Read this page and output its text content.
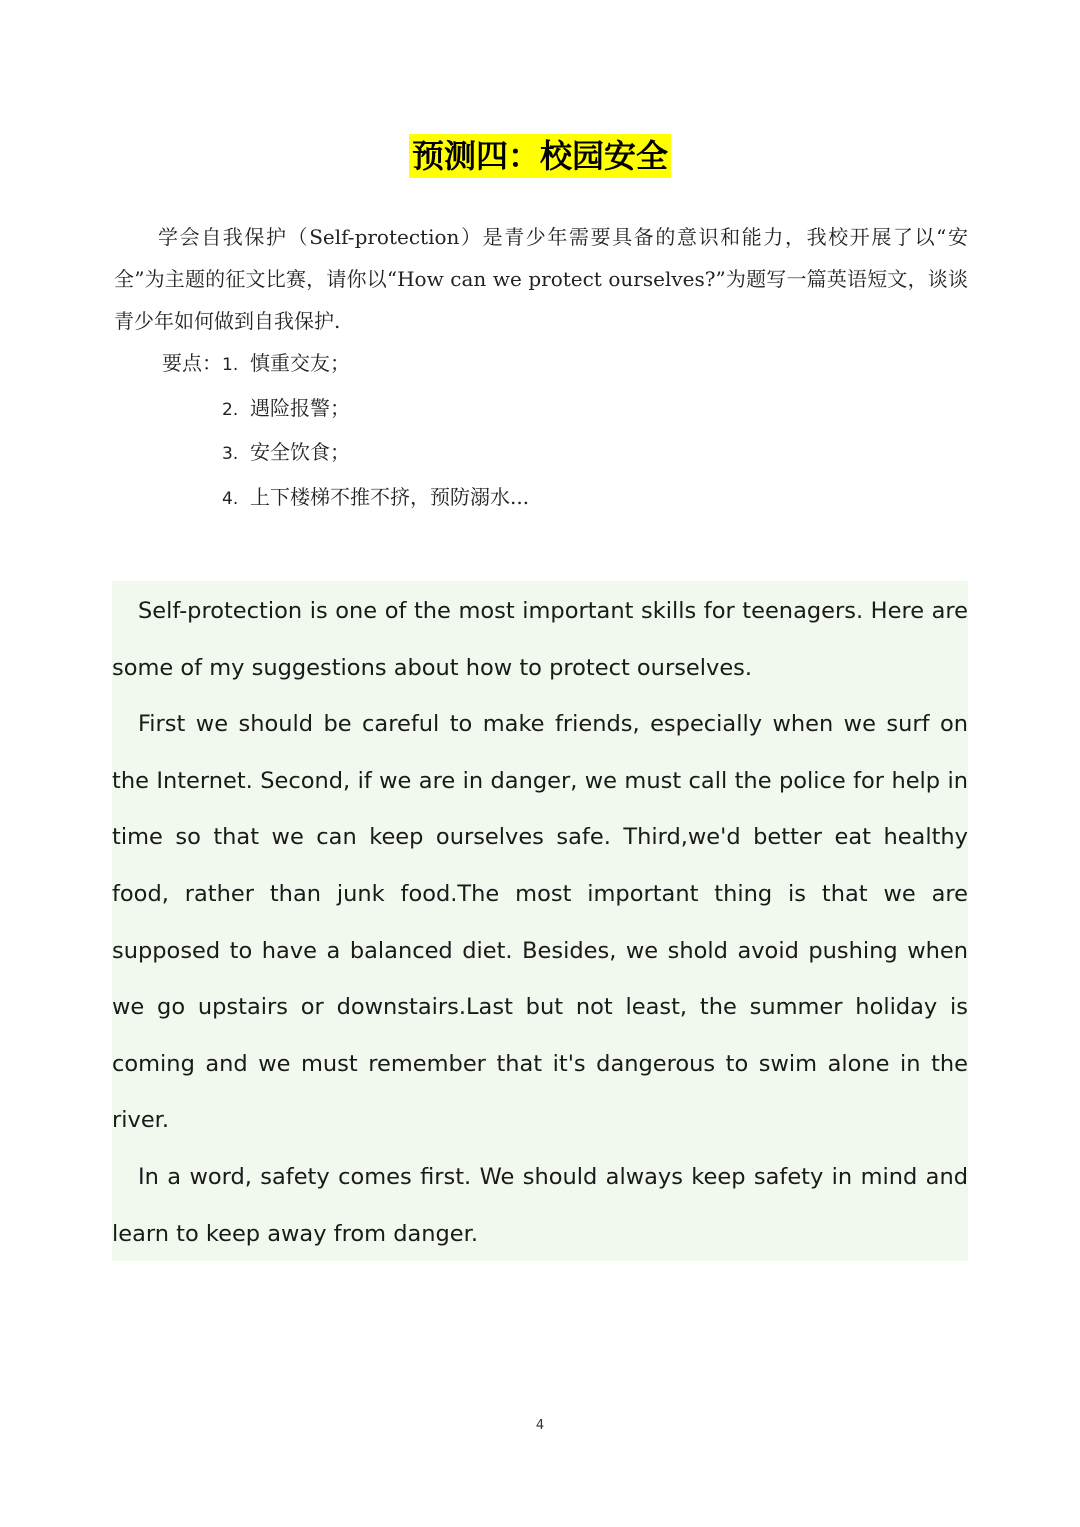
预测四：校园安全
学会自我保护（Self-protection）是青少年需要具备的意识和能力，我校开展了以“安全”为主题的征文比赛，请你以“How can we protect ourselves?”为题写一篇英语短文，谈谈青少年如何做到自我保护.
要点：1. 慎重交友；
2. 遇险报警；
3. 安全饮食；
4. 上下楼梯不推不挤，预防溺水...

Self-protection is one of the most important skills for teenagers. Here are some of my suggestions about how to protect ourselves.

First we should be careful to make friends, especially when we surf on the Internet. Second, if we are in danger, we must call the police for help in time so that we can keep ourselves safe. Third,we'd better eat healthy food, rather than junk food.The most important thing is that we are supposed to have a balanced diet. Besides, we shold avoid pushing when we go upstairs or downstairs.Last but not least, the summer holiday is coming and we must remember that it's dangerous to swim alone in the river.

In a word, safety comes first. We should always keep safety in mind and learn to keep away from danger.

4
